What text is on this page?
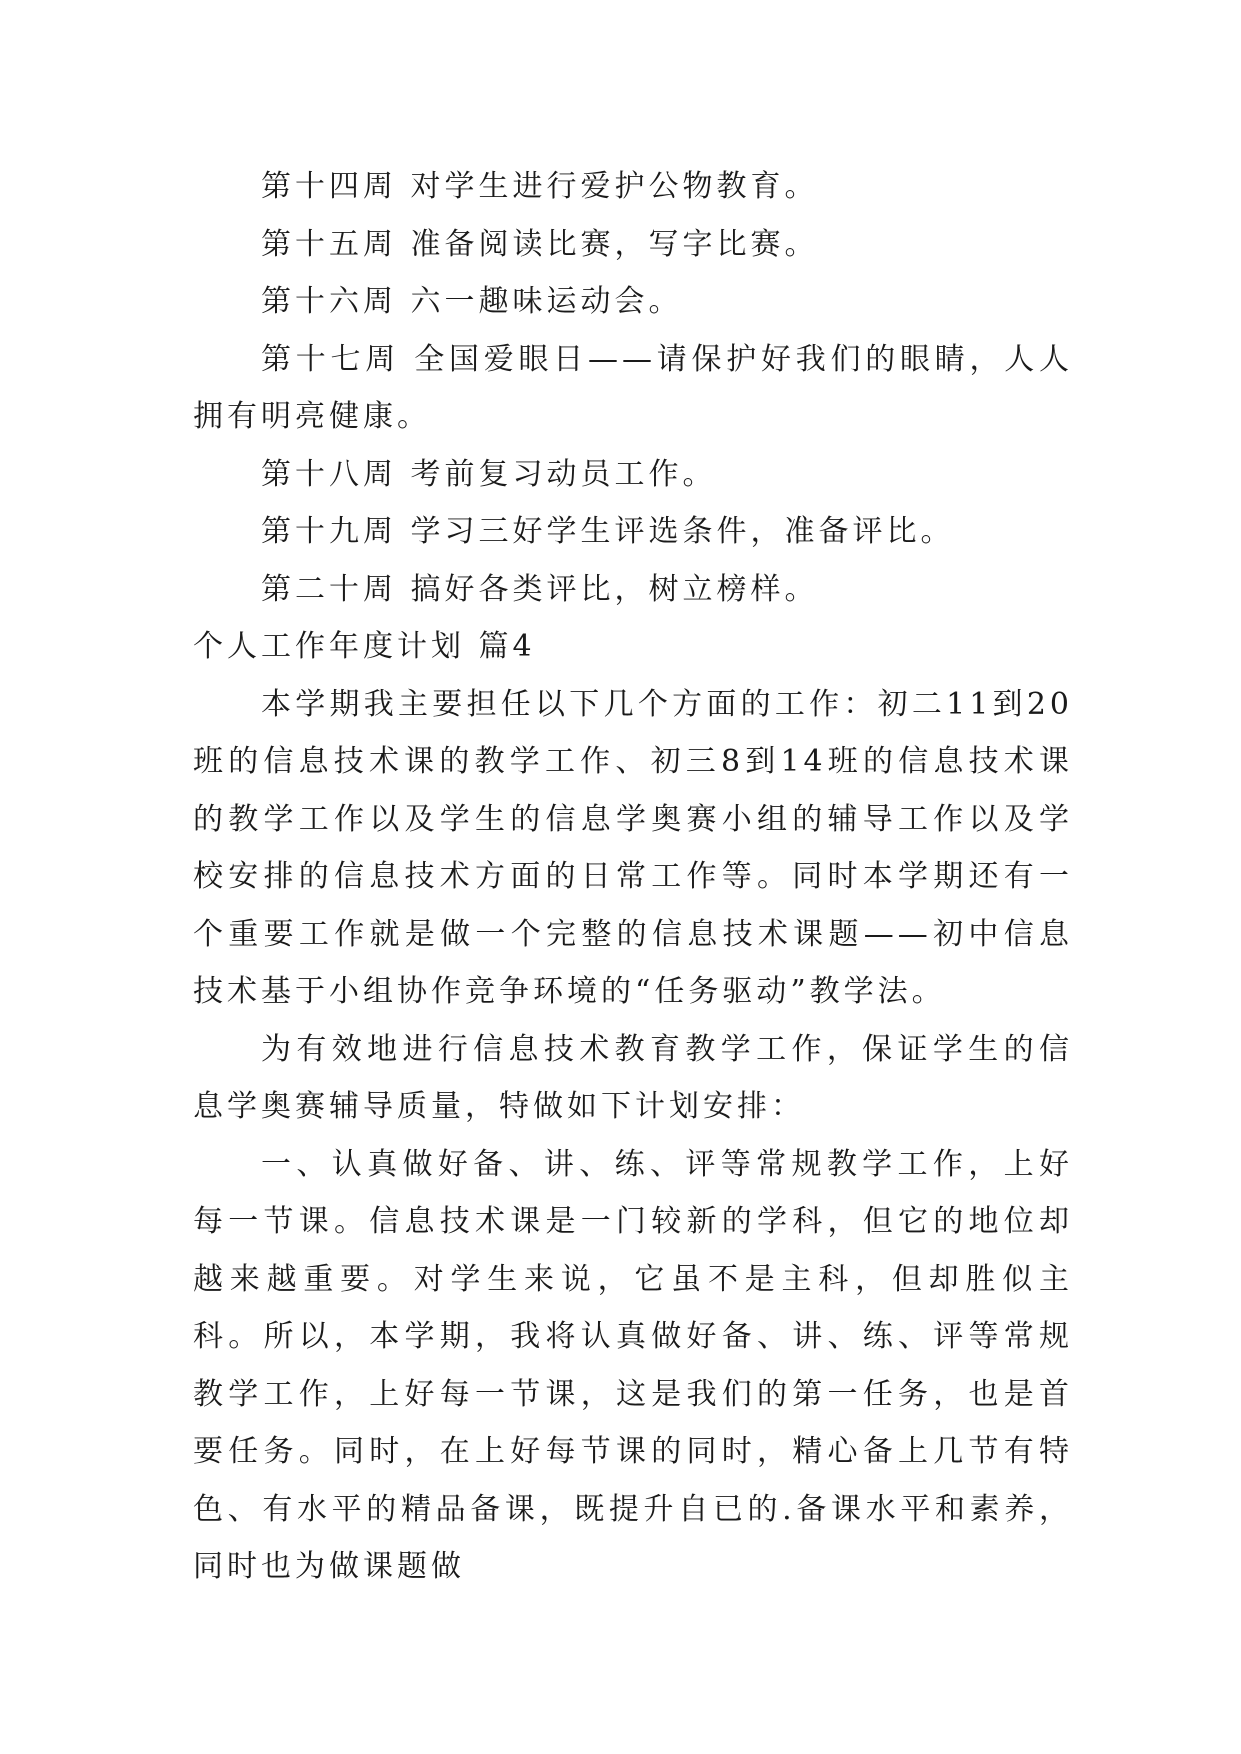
第十四周 对学生进行爱护公物教育。

第十五周 准备阅读比赛，写字比赛。

第十六周 六一趣味运动会。

第十七周 全国爱眼日——请保护好我们的眼睛，人人拥有明亮健康。

第十八周 考前复习动员工作。

第十九周 学习三好学生评选条件，准备评比。

第二十周 搞好各类评比，树立榜样。

个人工作年度计划 篇4

本学期我主要担任以下几个方面的工作：初二11到20班的信息技术课的教学工作、初三8到14班的信息技术课的教学工作以及学生的信息学奥赛小组的辅导工作以及学校安排的信息技术方面的日常工作等。同时本学期还有一个重要工作就是做一个完整的信息技术课题——初中信息技术基于小组协作竞争环境的“任务驱动”教学法。

为有效地进行信息技术教育教学工作，保证学生的信息学奥赛辅导质量，特做如下计划安排：

一、认真做好备、讲、练、评等常规教学工作，上好每一节课。信息技术课是一门较新的学科，但它的地位却越来越重要。对学生来说，它虽不是主科，但却胜似主科。所以，本学期，我将认真做好备、讲、练、评等常规教学工作，上好每一节课，这是我们的第一任务，也是首要任务。同时，在上好每节课的同时，精心备上几节有特色、有水平的精品备课，既提升自已的.备课水平和素养，同时也为做课题做
